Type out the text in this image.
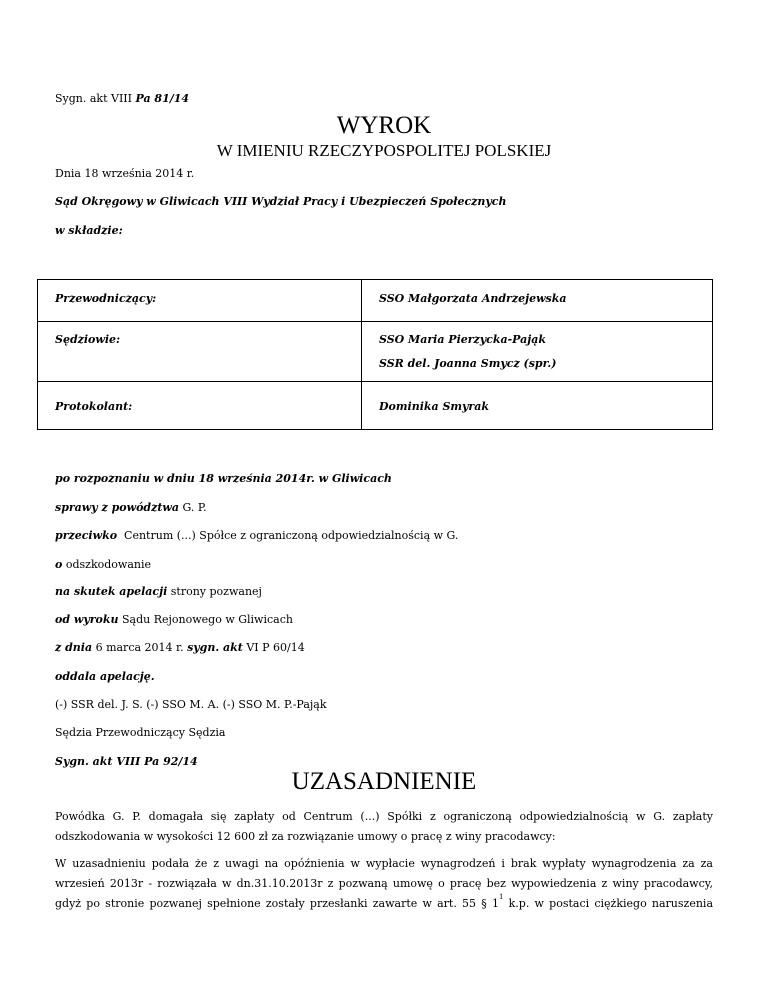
Sygn. akt VIII Pa 81/14
WYROK
W IMIENIU RZECZYPOSPOLITEJ POLSKIEJ
Dnia 18 września 2014 r.
Sąd Okręgowy w Gliwicach VIII Wydział Pracy i Ubezpieczeń Społecznych
w składzie:
Przewodniczący:	SSO Małgorzata Andrzejewska

Sędziowie:	SSO Maria Pierzycka-Pająk
SSR del. Joanna Smycz (spr.)

Protokolant:	Dominika Smyrak
po rozpoznaniu w dniu 18 września 2014r. w Gliwicach
sprawy z powództwa G. P.
przeciwko  Centrum (...) Spółce z ograniczoną odpowiedzialnością w G.
o odszkodowanie
na skutek apelacji strony pozwanej
od wyroku Sądu Rejonowego w Gliwicach
z dnia 6 marca 2014 r. sygn. akt VI P 60/14
oddala apelację.
(-) SSR del. J. S. (-) SSO M. A. (-) SSO M. P.-Pająk
Sędzia Przewodniczący Sędzia
Sygn. akt VIII Pa 92/14
UZASADNIENIE
Powódka G. P. domagała się zapłaty od Centrum (...) Spółki z ograniczoną odpowiedzialnością w G. zapłaty
odszkodowania w wysokości 12 600 zł za rozwiązanie umowy o pracę z winy pracodawcy:
W uzasadnieniu podała że z uwagi na opóźnienia w wypłacie wynagrodzeń i brak wypłaty wynagrodzenia za za
wrzesień 2013r - rozwiązała w dn.31.10.2013r z pozwaną umowę o pracę bez wypowiedzenia z winy pracodawcy,
gdyż po stronie pozwanej spełnione zostały przesłanki zawarte w art. 55 § $1^1$ k.p. w postaci ciężkiego naruszenia
